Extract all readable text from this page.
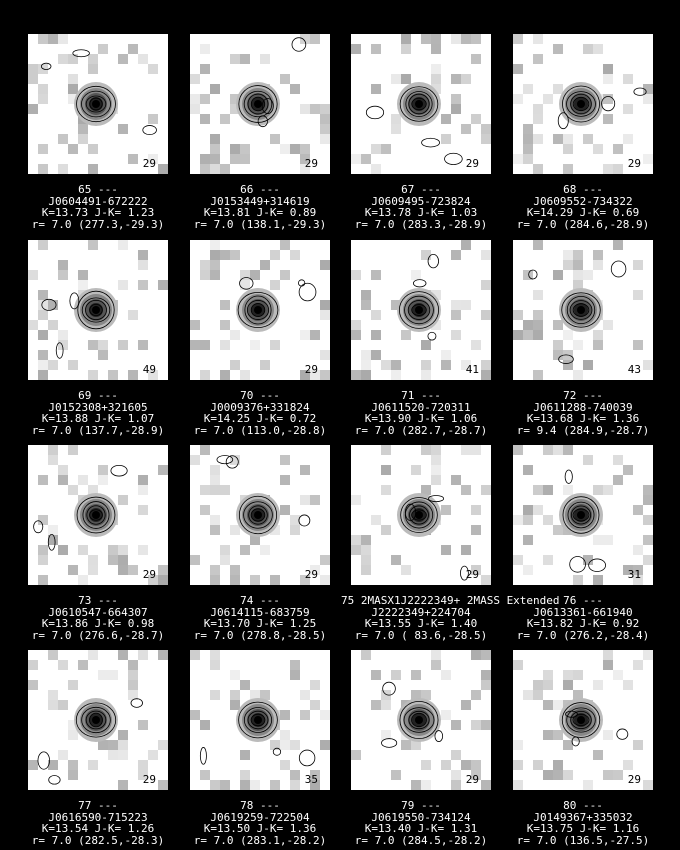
29
65 ---
J0604491-672222
K=13.73 J-K= 1.23
r= 7.0 (277.3,-29.3)
29
66 ---
J0153449+314619
K=13.81 J-K= 0.89
r= 7.0 (138.1,-29.3)
29
67 ---
J0609495-723824
K=13.78 J-K= 1.03
r= 7.0 (283.3,-28.9)
29
68 ---
J0609552-734322
K=14.29 J-K= 0.69
r= 7.0 (284.6,-28.9)
49
69 ---
J0152308+321605
K=13.88 J-K= 1.07
r= 7.0 (137.7,-28.9)
29
70 ---
J0009376+331824
K=14.25 J-K= 0.72
r= 7.0 (113.0,-28.8)
41
71 ---
J0611520-720311
K=13.90 J-K= 1.06
r= 7.0 (282.7,-28.7)
43
72 ---
J0611288-740039
K=13.68 J-K= 1.36
r= 9.4 (284.9,-28.7)
29
73 ---
J0610547-664307
K=13.86 J-K= 0.98
r= 7.0 (276.6,-28.7)
29
74 ---
J0614115-683759
K=13.70 J-K= 1.25
r= 7.0 (278.8,-28.5)
29
75 2MASX1J2222349+ 2MASS Extended
J2222349+224704
K=13.55 J-K= 1.40
r= 7.0 ( 83.6,-28.5)
31
76 ---
J0613361-661940
K=13.82 J-K= 0.92
r= 7.0 (276.2,-28.4)
29
77 ---
J0616590-715223
K=13.54 J-K= 1.26
r= 7.0 (282.5,-28.3)
35
78 ---
J0619259-722504
K=13.50 J-K= 1.36
r= 7.0 (283.1,-28.2)
29
79 ---
J0619550-734124
K=13.40 J-K= 1.31
r= 7.0 (284.5,-28.2)
29
80 ---
J0149367+335032
K=13.75 J-K= 1.16
r= 7.0 (136.5,-27.5)
